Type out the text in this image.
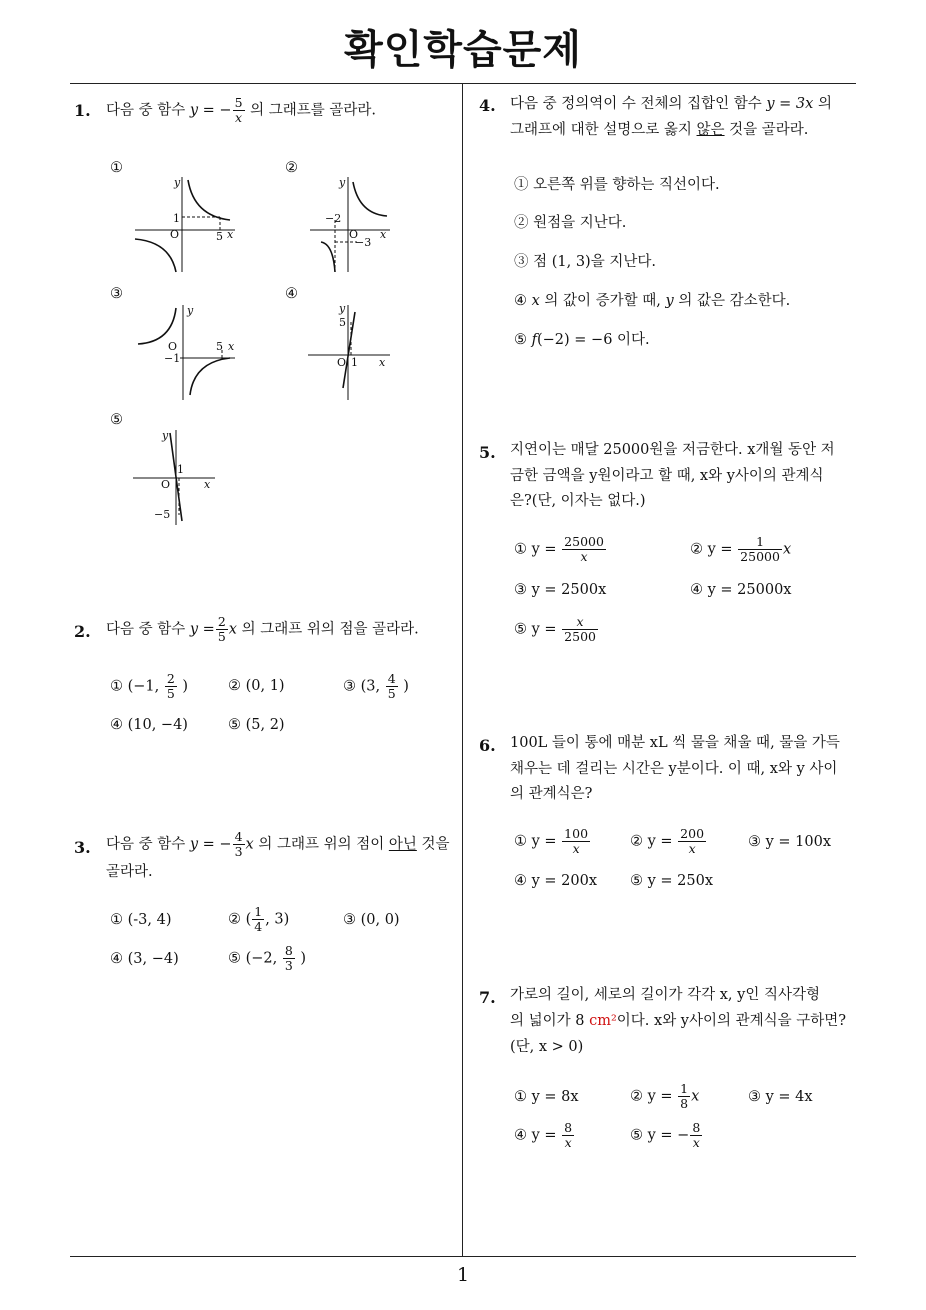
확인학습문제
1
1. 다음 중 함수 y = − $\frac{5}{x}$ 의 그래프를 골라라.
①	②
③	④
⑤
y
1
O	5 x
y
−2
O
−3
x
y
O
−1
5 x
y
5
O 1 x
y
1
O
−5
x
2. 다음 중 함수 $y = \frac{2}{5}$ x 의 그래프 위의 점을 골라라.
① (−1, $\frac{2}{5}$ )	② (0, 1)	③ (3, $\frac{4}{5}$ )
④ (10, −4)	⑤ (5, 2)
3. 다음 중 함수 y = − $\frac{4}{3}$ x 의 그래프 위의 점이 아닌 것을
골라라.
① (-3, 4)	② ( $\frac{1}{4}$ , 3)	③ (0, 0)
④ (3, −4)	⑤ (−2, $\frac{8}{3}$ )
4. 다음 중 정의역이 수 전체의 집합인 함수 y = 3x 의
그래프에 대한 설명으로 옳지 않은 것을 골라라.
① 오른쪽 위를 향하는 직선이다.
② 원점을 지난다.
③ 점 (1, 3)을 지난다.
④ x 의 값이 증가할 때, y 의 값은 감소한다.
⑤ f(−2) = −6 이다.
5. 지연이는 매달 25000원을 저금한다. x개월 동안 저
금한 금액을 y원이라고 할 때, x와 y사이의 관계식
은?(단, 이자는 없다.)
① $y = \frac{25000}{x}$	② $y = \frac{1}{25000}$ x
③ y = 2500x	④ y = 25000x
⑤ $y = \frac{x}{2500}$
6. 100L 들이 통에 매분 xL 씩 물을 채울 때, 물을 가득
채우는 데 걸리는 시간은 y분이다. 이 때, x와 y 사이
의 관계식은?
① $y = \frac{100}{x}$	② $y = \frac{200}{x}$	③ y = 100x
④ y = 200x ⑤ y = 250x
7. 가로의 길이, 세로의 길이가 각각 x, y인 직사각형
의 넓이가 8 cm²이다. x와 y사이의 관계식을 구하면?
(단, x > 0)
① y = 8x	② $y = \frac{1}{8}$ x	③ y = 4x
④ $y = \frac{8}{x}$	⑤ y = − $\frac{8}{x}$
